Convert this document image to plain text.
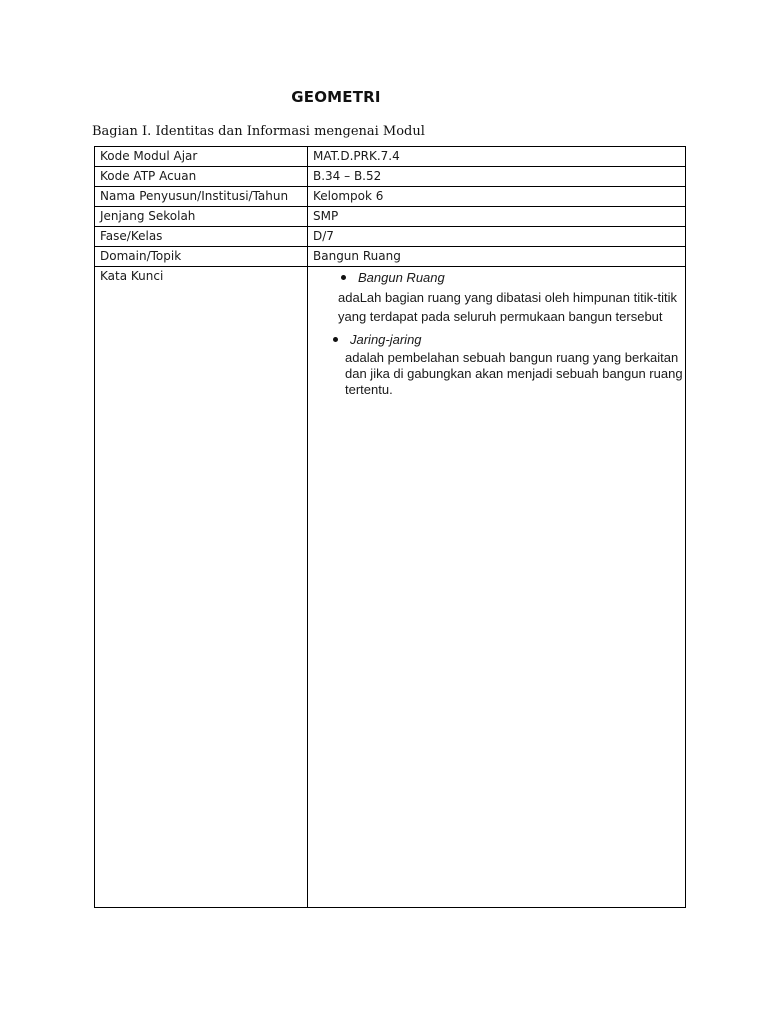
GEOMETRI
Bagian I. Identitas dan Informasi mengenai Modul
Kode Modul Ajar	MAT.D.PRK.7.4
Kode ATP Acuan	B.34 – B.52
Nama Penyusun/Institusi/Tahun	Kelompok 6
Jenjang Sekolah	SMP
Fase/Kelas	D/7
Domain/Topik	Bangun Ruang
Kata Kunci	Bangun Ruang
adaLah bagian ruang yang dibatasi oleh himpunan titik-titik yang terdapat pada seluruh permukaan bangun tersebut
Jaring-jaring
adalah pembelahan sebuah bangun ruang yang berkaitan dan jika di gabungkan akan menjadi sebuah bangun ruang tertentu.
